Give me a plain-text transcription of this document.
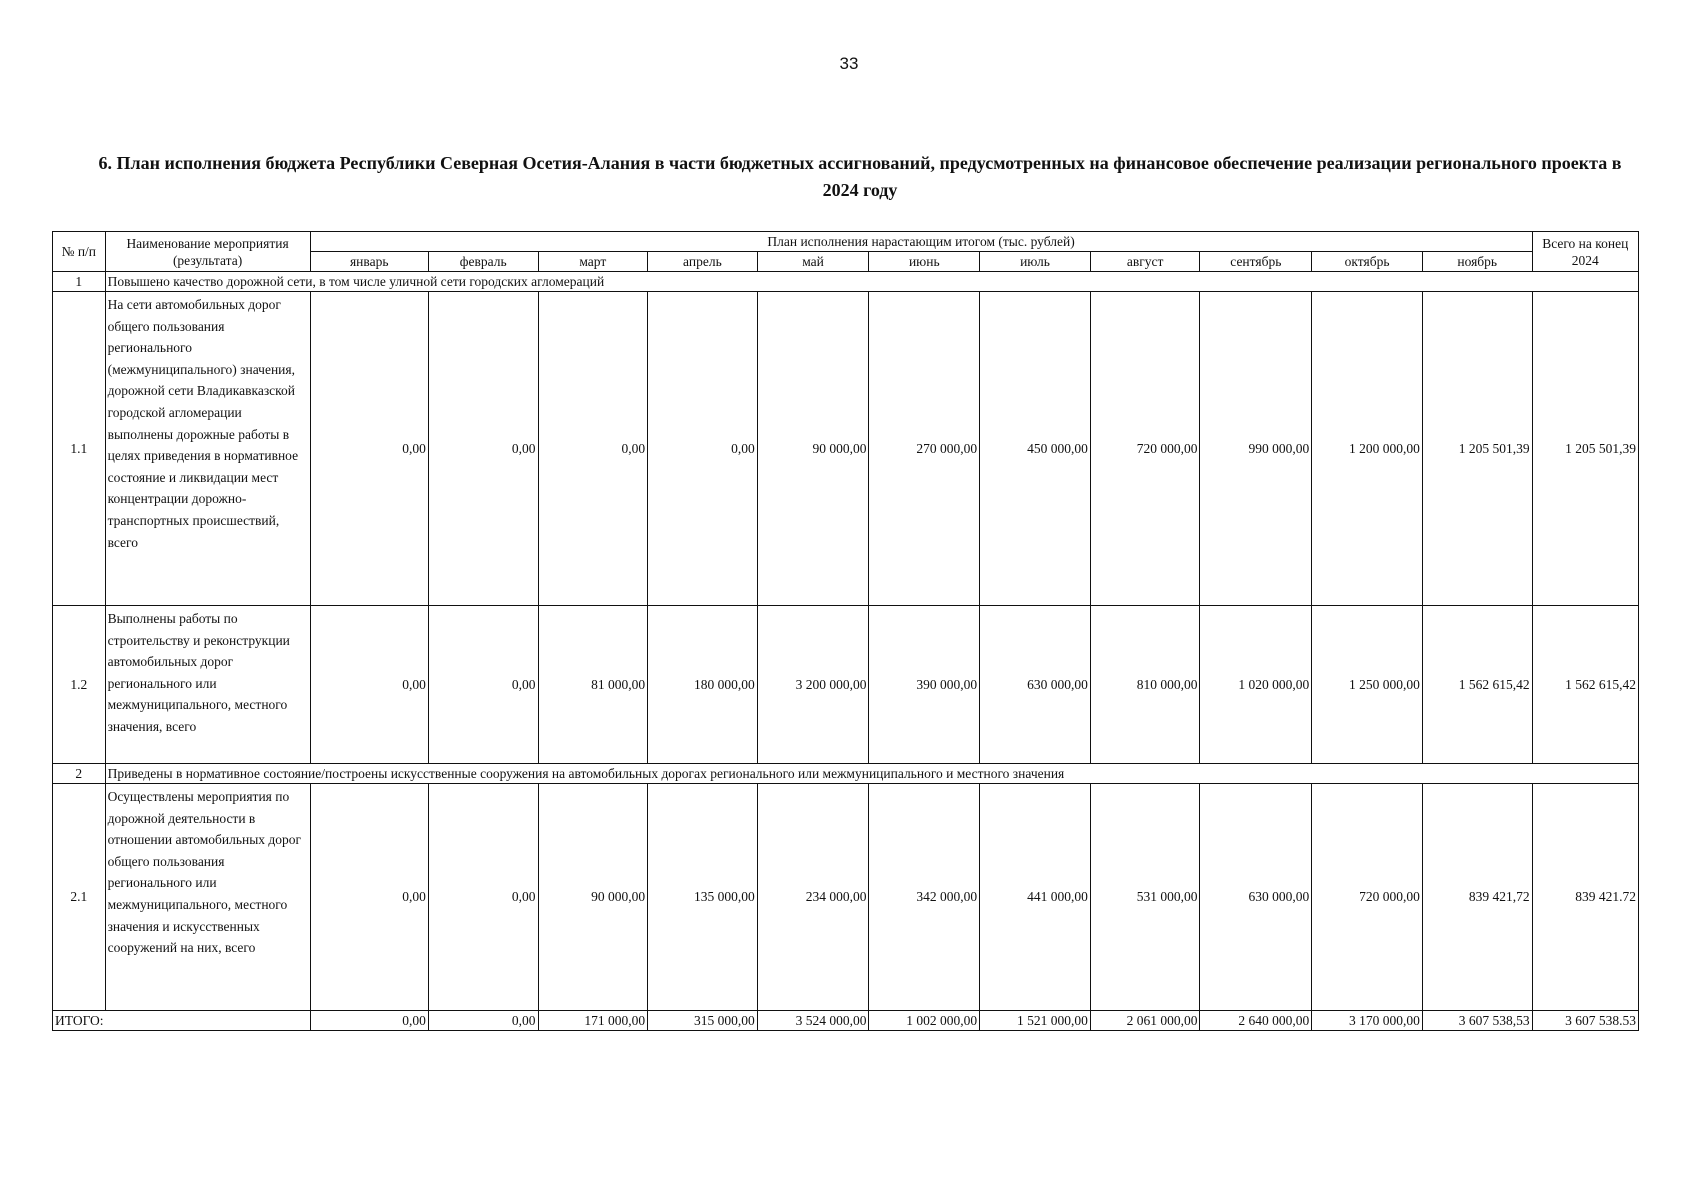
33
6. План исполнения бюджета Республики Северная Осетия-Алания в части бюджетных ассигнований, предусмотренных на финансовое обеспечение реализации регионального проекта в 2024 году
№ п/п	Наименование мероприятия (результата)	План исполнения нарастающим итогом (тыс. рублей)											Всего на конец 2024
		январь	февраль	март	апрель	май	июнь	июль	август	сентябрь	октябрь	ноябрь	
1	Повышено качество дорожной сети, в том числе уличной сети городских агломераций												
1.1	На сети автомобильных дорог общего пользования регионального (межмуниципального) значения, дорожной сети Владикавказской городской агломерации выполнены дорожные работы в целях приведения в нормативное состояние и ликвидации мест концентрации дорожно-транспортных происшествий, всего	0,00	0,00	0,00	0,00	90 000,00	270 000,00	450 000,00	720 000,00	990 000,00	1 200 000,00	1 205 501,39	1 205 501,39
1.2	Выполнены работы по строительству и реконструкции автомобильных дорог регионального или межмуниципального, местного значения, всего	0,00	0,00	81 000,00	180 000,00	3 200 000,00	390 000,00	630 000,00	810 000,00	1 020 000,00	1 250 000,00	1 562 615,42	1 562 615,42
2	Приведены в нормативное состояние/построены искусственные сооружения на автомобильных дорогах регионального или межмуниципального и местного значения												
2.1	Осуществлены мероприятия по дорожной деятельности в отношении автомобильных дорог общего пользования регионального или межмуниципального, местного значения и искусственных сооружений на них, всего	0,00	0,00	90 000,00	135 000,00	234 000,00	342 000,00	441 000,00	531 000,00	630 000,00	720 000,00	839 421,72	839 421.72
ИТОГО:		0,00	0,00	171 000,00	315 000,00	3 524 000,00	1 002 000,00	1 521 000,00	2 061 000,00	2 640 000,00	3 170 000,00	3 607 538,53	3 607 538.53
